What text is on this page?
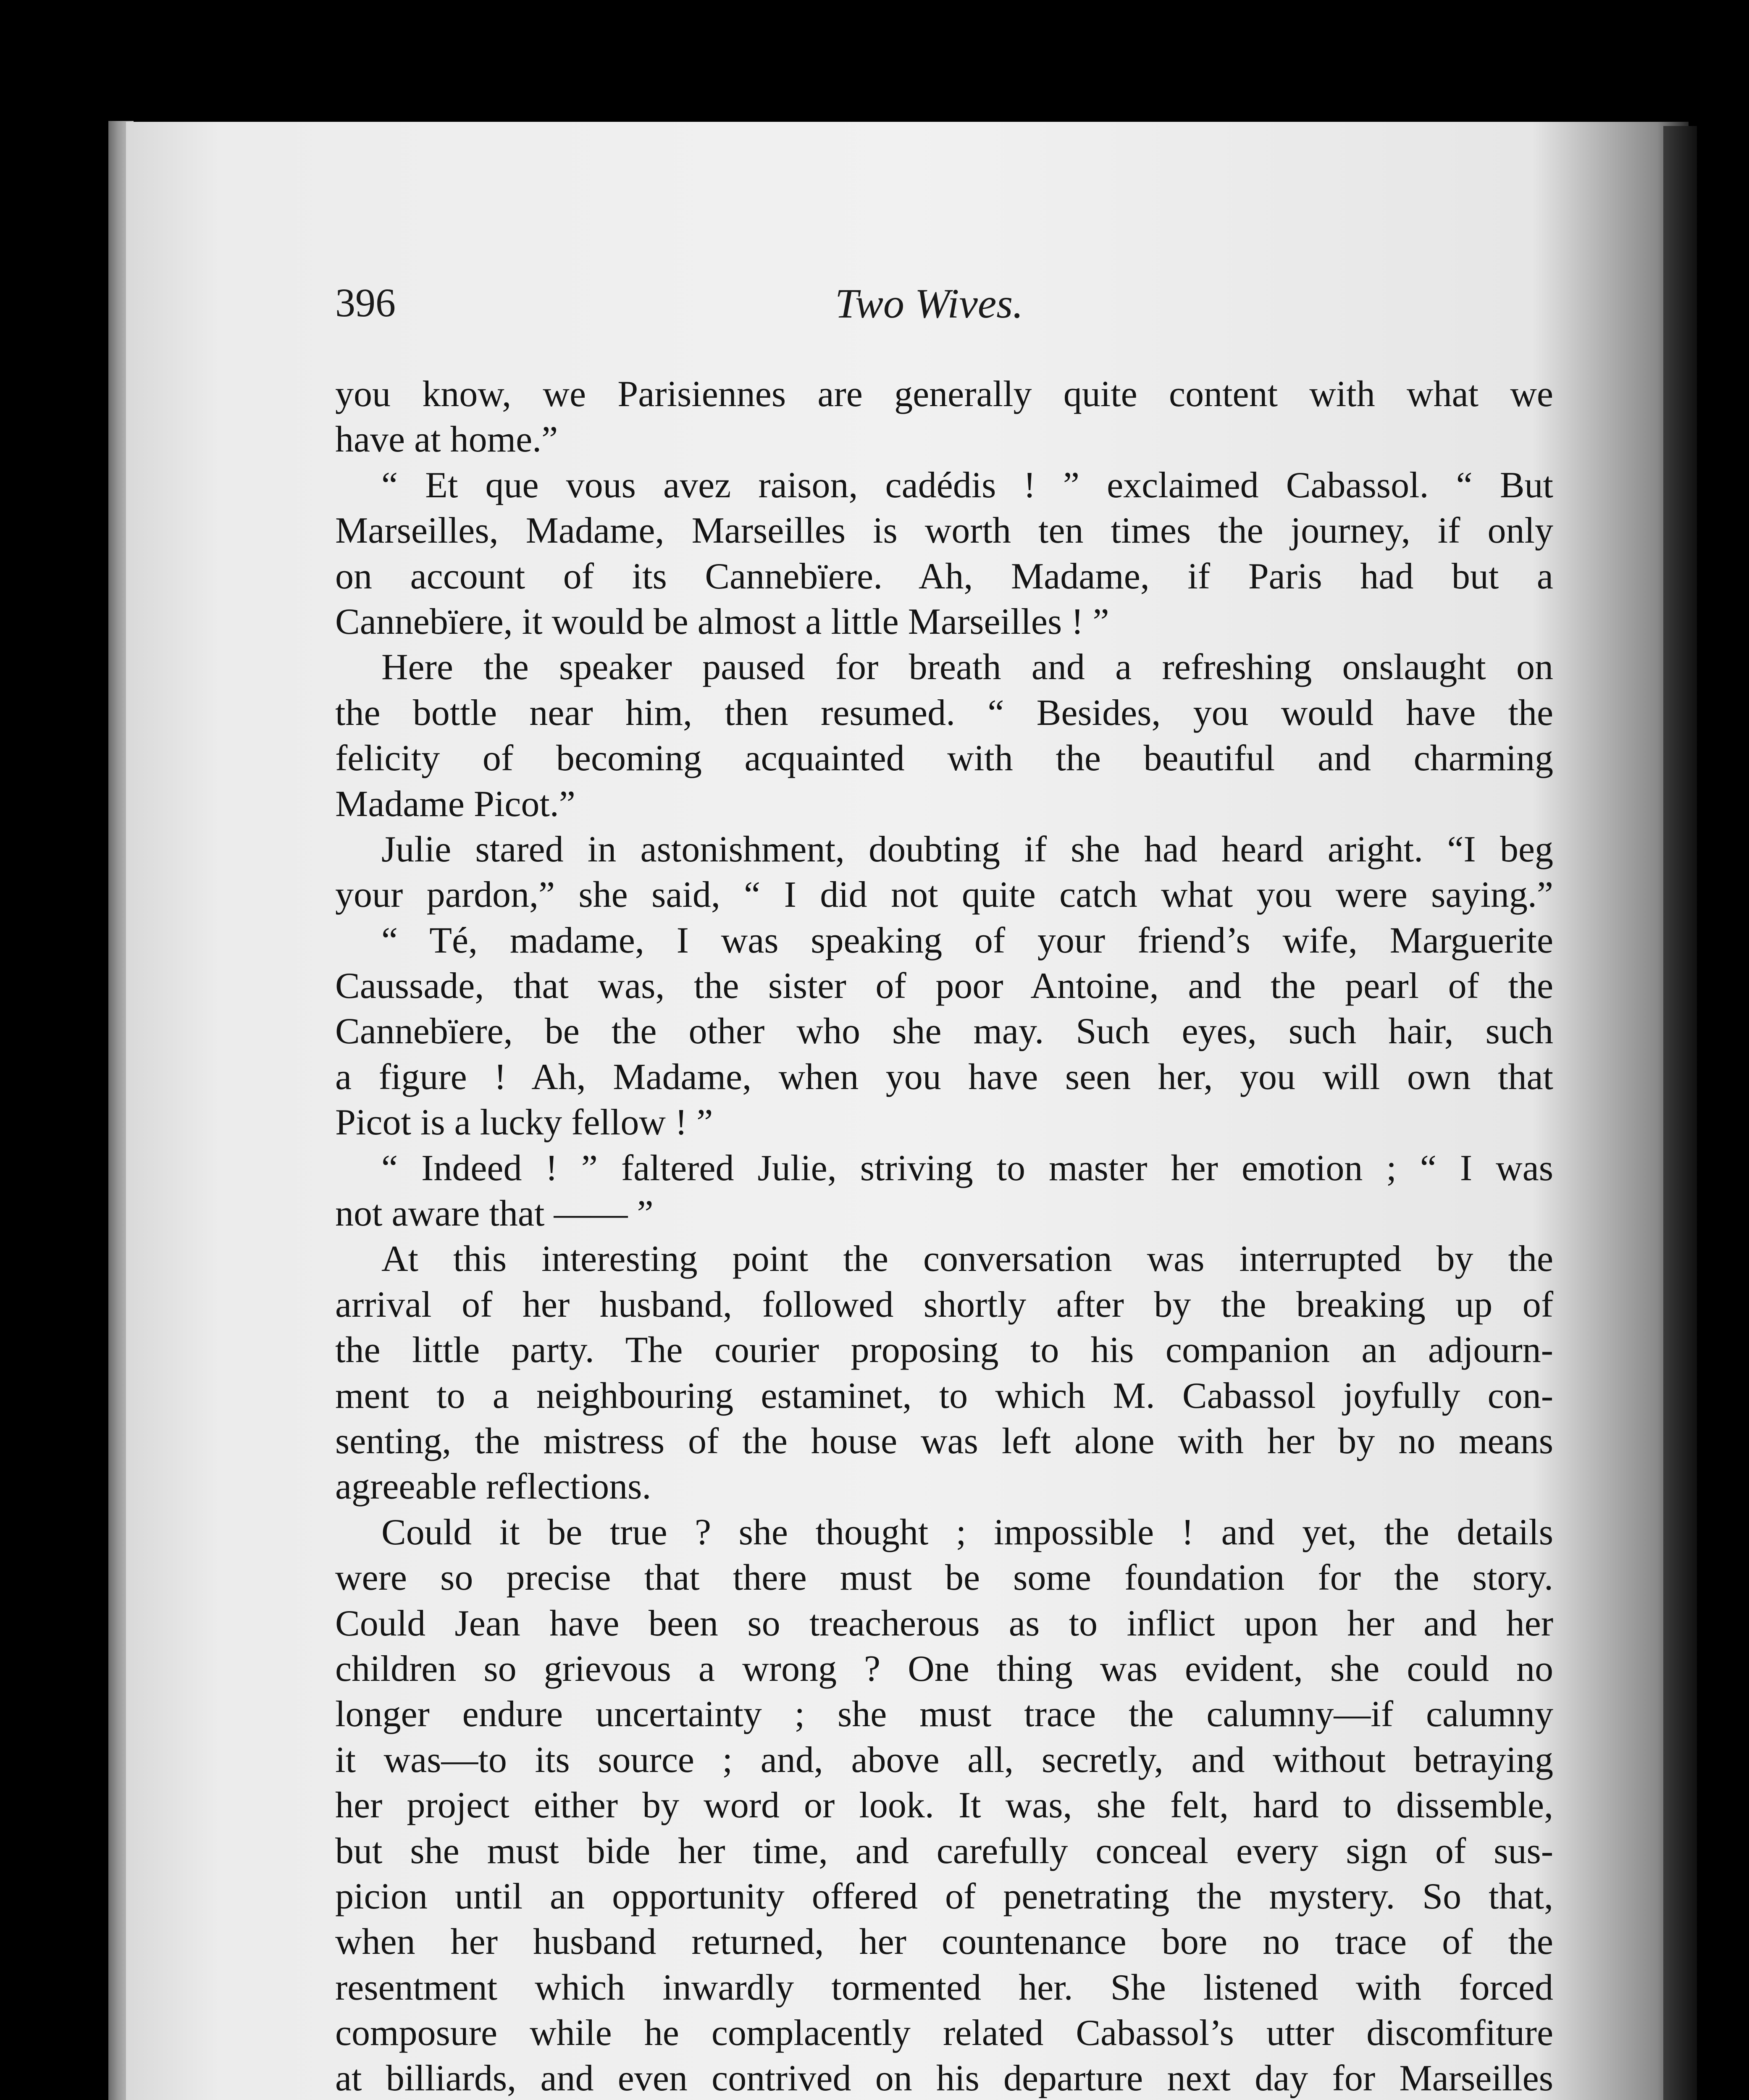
396	Two Wives.
you know, we Parisiennes are generally quite content with what we
have at home.”
“ Et que vous avez raison, cadédis ! ” exclaimed Cabassol. “ But
Marseilles, Madame, Marseilles is worth ten times the journey, if only
on account of its Cannebïere. Ah, Madame, if Paris had but a
Cannebïere, it would be almost a little Marseilles ! ”
Here the speaker paused for breath and a refreshing onslaught on
the bottle near him, then resumed. “ Besides, you would have the
felicity of becoming acquainted with the beautiful and charming
Madame Picot.”
Julie stared in astonishment, doubting if she had heard aright. “I beg
your pardon,” she said, “ I did not quite catch what you were saying.”
“ Té, madame, I was speaking of your friend’s wife, Marguerite
Caussade, that was, the sister of poor Antoine, and the pearl of the
Cannebïere, be the other who she may. Such eyes, such hair, such
a figure ! Ah, Madame, when you have seen her, you will own that
Picot is a lucky fellow ! ”
“ Indeed ! ” faltered Julie, striving to master her emotion ; “ I was
not aware that —— ”
At this interesting point the conversation was interrupted by the
arrival of her husband, followed shortly after by the breaking up of
the little party. The courier proposing to his companion an adjourn-
ment to a neighbouring estaminet, to which M. Cabassol joyfully con-
senting, the mistress of the house was left alone with her by no means
agreeable reflections.
Could it be true ? she thought ; impossible ! and yet, the details
were so precise that there must be some foundation for the story.
Could Jean have been so treacherous as to inflict upon her and her
children so grievous a wrong ? One thing was evident, she could no
longer endure uncertainty ; she must trace the calumny—if calumny
it was—to its source ; and, above all, secretly, and without betraying
her project either by word or look. It was, she felt, hard to dissemble,
but she must bide her time, and carefully conceal every sign of sus-
picion until an opportunity offered of penetrating the mystery. So that,
when her husband returned, her countenance bore no trace of the
resentment which inwardly tormented her. She listened with forced
composure while he complacently related Cabassol’s utter discomfiture
at billiards, and even contrived on his departure next day for Marseilles
